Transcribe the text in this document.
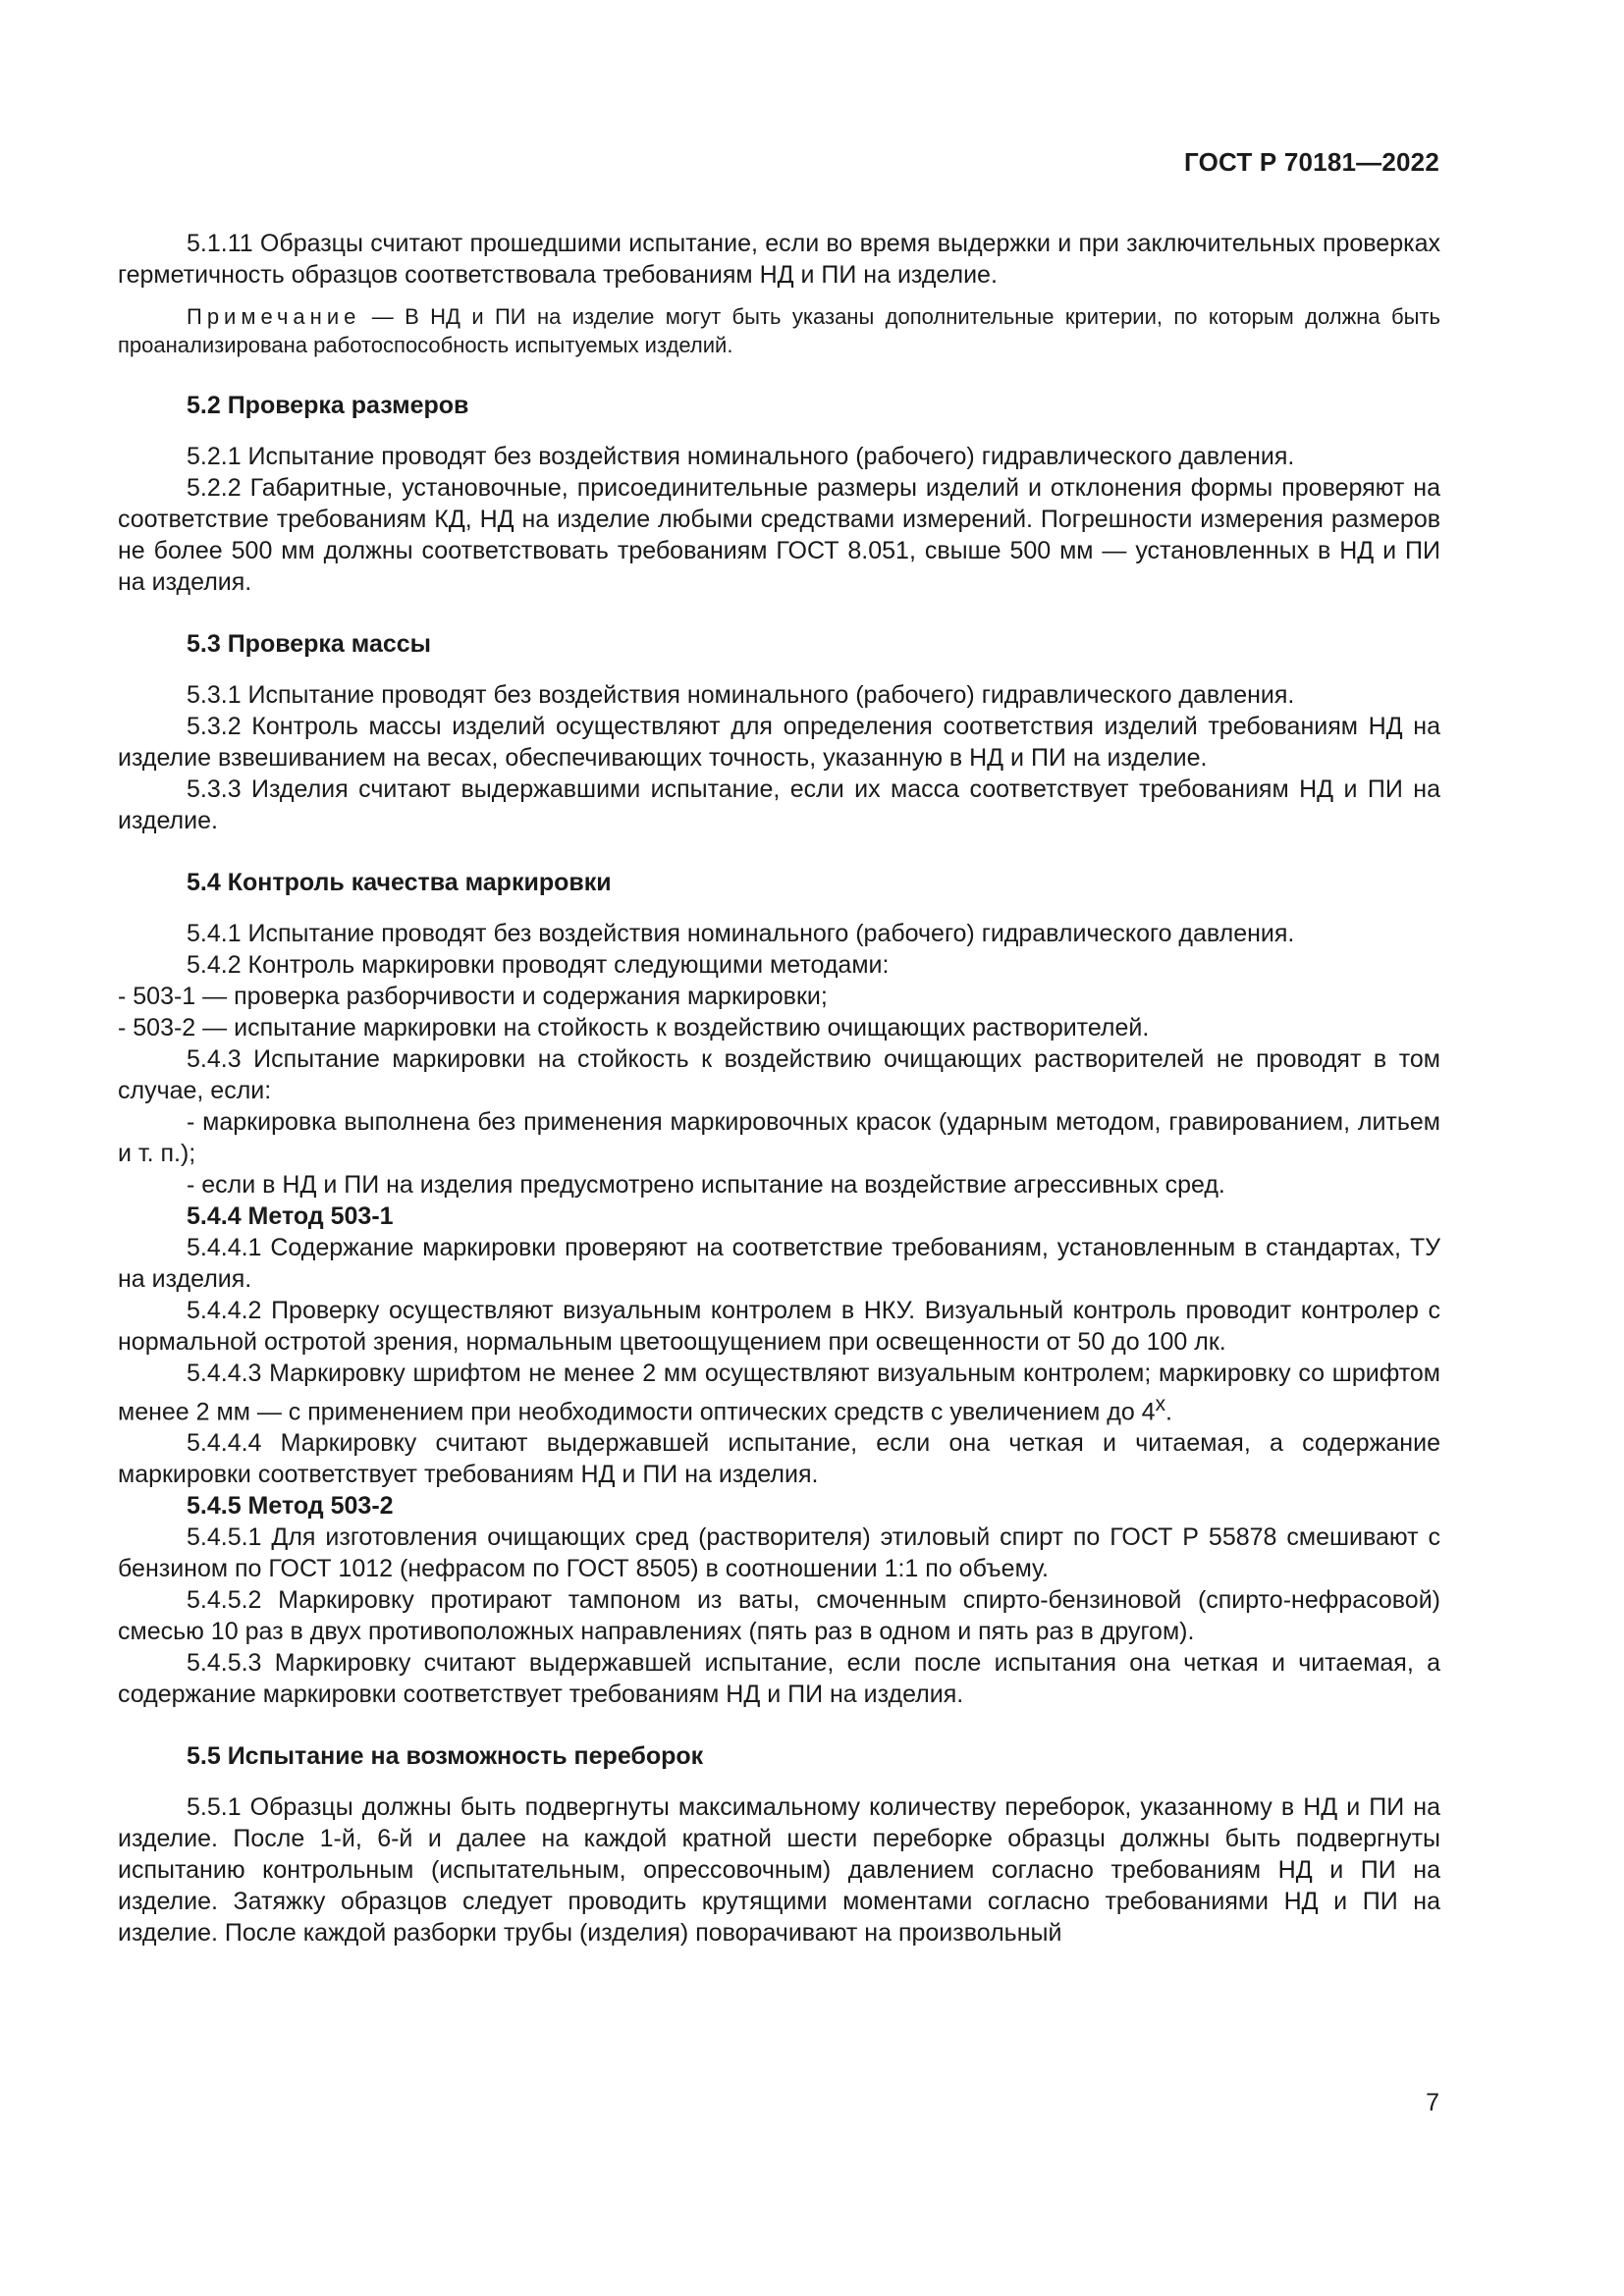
ГОСТ Р 70181—2022

5.1.11 Образцы считают прошедшими испытание, если во время выдержки и при заключительных проверках герметичность образцов соответствовала требованиям НД и ПИ на изделие.

Примечание — В НД и ПИ на изделие могут быть указаны дополнительные критерии, по которым должна быть проанализирована работоспособность испытуемых изделий.

5.2 Проверка размеров

5.2.1 Испытание проводят без воздействия номинального (рабочего) гидравлического давления.

5.2.2 Габаритные, установочные, присоединительные размеры изделий и отклонения формы проверяют на соответствие требованиям КД, НД на изделие любыми средствами измерений. Погрешности измерения размеров не более 500 мм должны соответствовать требованиям ГОСТ 8.051, свыше 500 мм — установленных в НД и ПИ на изделия.

5.3 Проверка массы

5.3.1 Испытание проводят без воздействия номинального (рабочего) гидравлического давления.

5.3.2 Контроль массы изделий осуществляют для определения соответствия изделий требованиям НД на изделие взвешиванием на весах, обеспечивающих точность, указанную в НД и ПИ на изделие.

5.3.3 Изделия считают выдержавшими испытание, если их масса соответствует требованиям НД и ПИ на изделие.

5.4 Контроль качества маркировки

5.4.1 Испытание проводят без воздействия номинального (рабочего) гидравлического давления.

5.4.2 Контроль маркировки проводят следующими методами:

- 503-1 — проверка разборчивости и содержания маркировки;

- 503-2 — испытание маркировки на стойкость к воздействию очищающих растворителей.

5.4.3 Испытание маркировки на стойкость к воздействию очищающих растворителей не проводят в том случае, если:

- маркировка выполнена без применения маркировочных красок (ударным методом, гравированием, литьем и т. п.);

- если в НД и ПИ на изделия предусмотрено испытание на воздействие агрессивных сред.

5.4.4 Метод 503-1

5.4.4.1 Содержание маркировки проверяют на соответствие требованиям, установленным в стандартах, ТУ на изделия.

5.4.4.2 Проверку осуществляют визуальным контролем в НКУ. Визуальный контроль проводит контролер с нормальной остротой зрения, нормальным цветоощущением при освещенности от 50 до 100 лк.

5.4.4.3 Маркировку шрифтом не менее 2 мм осуществляют визуальным контролем; маркировку со шрифтом менее 2 мм — с применением при необходимости оптических средств с увеличением до $4^х$.

5.4.4.4 Маркировку считают выдержавшей испытание, если она четкая и читаемая, а содержание маркировки соответствует требованиям НД и ПИ на изделия.

5.4.5 Метод 503-2

5.4.5.1 Для изготовления очищающих сред (растворителя) этиловый спирт по ГОСТ Р 55878 смешивают с бензином по ГОСТ 1012 (нефрасом по ГОСТ 8505) в соотношении 1:1 по объему.

5.4.5.2 Маркировку протирают тампоном из ваты, смоченным спирто-бензиновой (спирто-нефрасовой) смесью 10 раз в двух противоположных направлениях (пять раз в одном и пять раз в другом).

5.4.5.3 Маркировку считают выдержавшей испытание, если после испытания она четкая и читаемая, а содержание маркировки соответствует требованиям НД и ПИ на изделия.

5.5 Испытание на возможность переборок

5.5.1 Образцы должны быть подвергнуты максимальному количеству переборок, указанному в НД и ПИ на изделие. После 1-й, 6-й и далее на каждой кратной шести переборке образцы должны быть подвергнуты испытанию контрольным (испытательным, опрессовочным) давлением согласно требованиям НД и ПИ на изделие. Затяжку образцов следует проводить крутящими моментами согласно требованиями НД и ПИ на изделие. После каждой разборки трубы (изделия) поворачивают на произвольный

7
